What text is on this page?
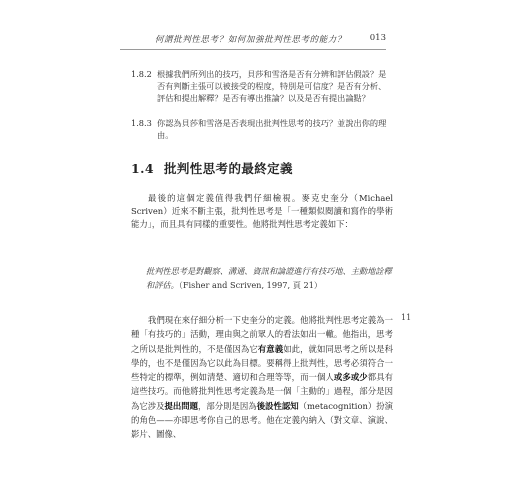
何謂批判性思考？如何加強批判性思考的能力？	013
1.8.2 根據我們所列出的技巧，貝莎和雪洛是否有分辨和評估假設？是否有判斷主張可以被接受的程度，特別是可信度？是否有分析、評估和提出解釋？是否有導出推論？以及是否有提出論點？
1.8.3 你認為貝莎和雪洛是否表現出批判性思考的技巧？並說出你的理由。
1.4 批判性思考的最終定義
最後的這個定義值得我們仔細檢視。麥克史奎分（Michael Scriven）近來不斷主張，批判性思考是「一種類似閱讀和寫作的學術能力」，而且具有同樣的重要性。他將批判性思考定義如下：
批判性思考是對觀察、溝通、資訊和論證進行有技巧地、主動地詮釋和評估。（Fisher and Scriven, 1997, 頁 21）
我們現在來仔細分析一下史奎分的定義。他將批判性思考定義為一種「有技巧的」活動，理由與之前眾人的看法如出一轍。他指出，思考之所以是批判性的，不是僅因為它有意義如此，就如同思考之所以是科學的，也不是僅因為它以此為目標。要稱得上批判性，思考必須符合一些特定的標準，例如清楚、適切和合理等等，而一個人或多或少都具有這些技巧。而他將批判性思考定義為是一個「主動的」過程，部分是因為它涉及提出問題，部分則是因為後設性認知（metacognition）扮演的角色——亦即思考你自己的思考。他在定義內納入（對文章、演說、影片、圖像、
11
